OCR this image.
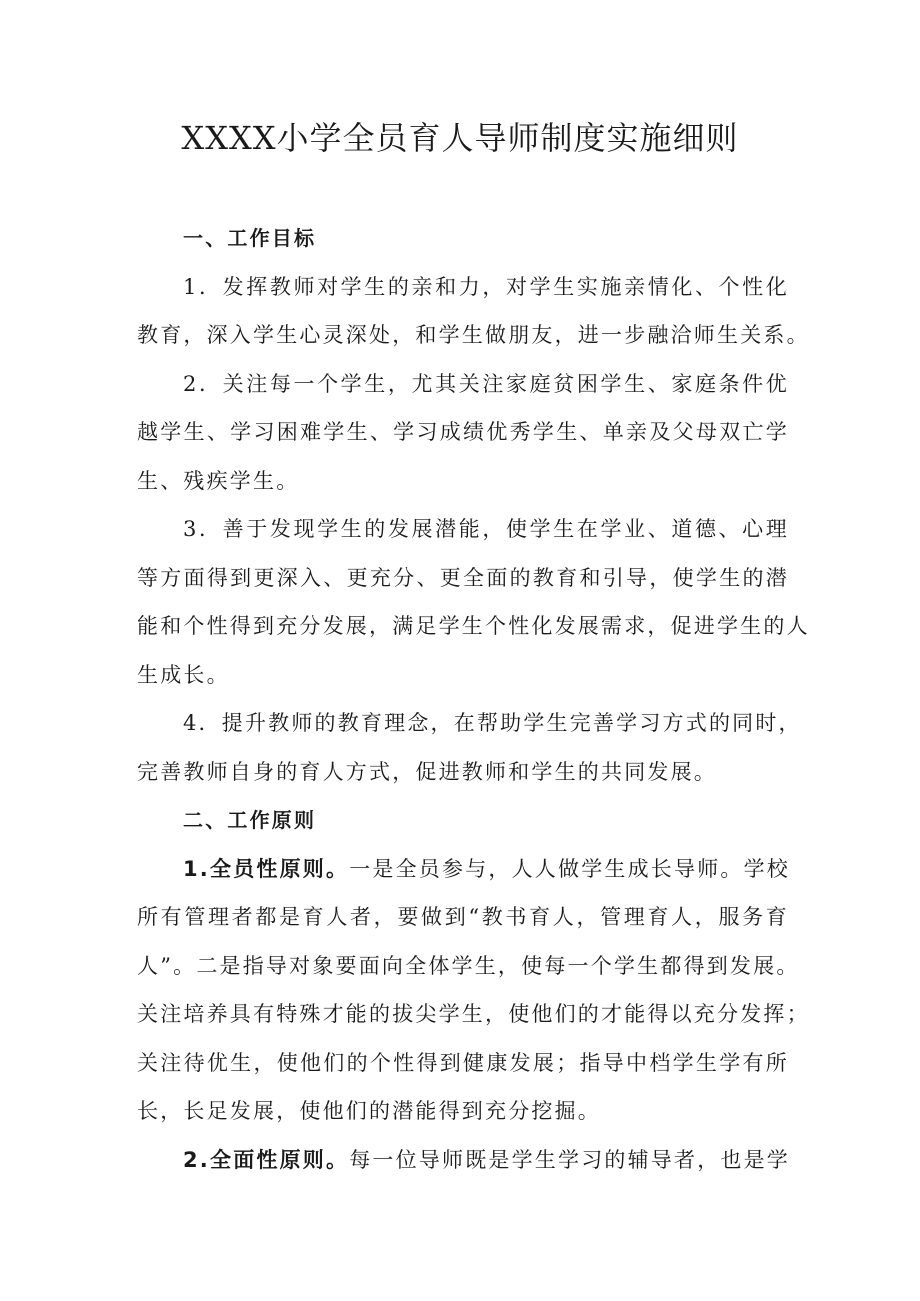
XXXX小学全员育人导师制度实施细则
一、工作目标
1．发挥教师对学生的亲和力，对学生实施亲情化、个性化
教育，深入学生心灵深处，和学生做朋友，进一步融洽师生关系。
2．关注每一个学生，尤其关注家庭贫困学生、家庭条件优
越学生、学习困难学生、学习成绩优秀学生、单亲及父母双亡学
生、残疾学生。
3．善于发现学生的发展潜能，使学生在学业、道德、心理
等方面得到更深入、更充分、更全面的教育和引导，使学生的潜
能和个性得到充分发展，满足学生个性化发展需求，促进学生的人
生成长。
4．提升教师的教育理念，在帮助学生完善学习方式的同时，
完善教师自身的育人方式，促进教师和学生的共同发展。
二、工作原则
1.全员性原则。一是全员参与，人人做学生成长导师。学校
所有管理者都是育人者，要做到“教书育人，管理育人，服务育
人”。二是指导对象要面向全体学生，使每一个学生都得到发展。
关注培养具有特殊才能的拔尖学生，使他们的才能得以充分发挥；
关注待优生，使他们的个性得到健康发展；指导中档学生学有所
长，长足发展，使他们的潜能得到充分挖掘。
2.全面性原则。每一位导师既是学生学习的辅导者，也是学
